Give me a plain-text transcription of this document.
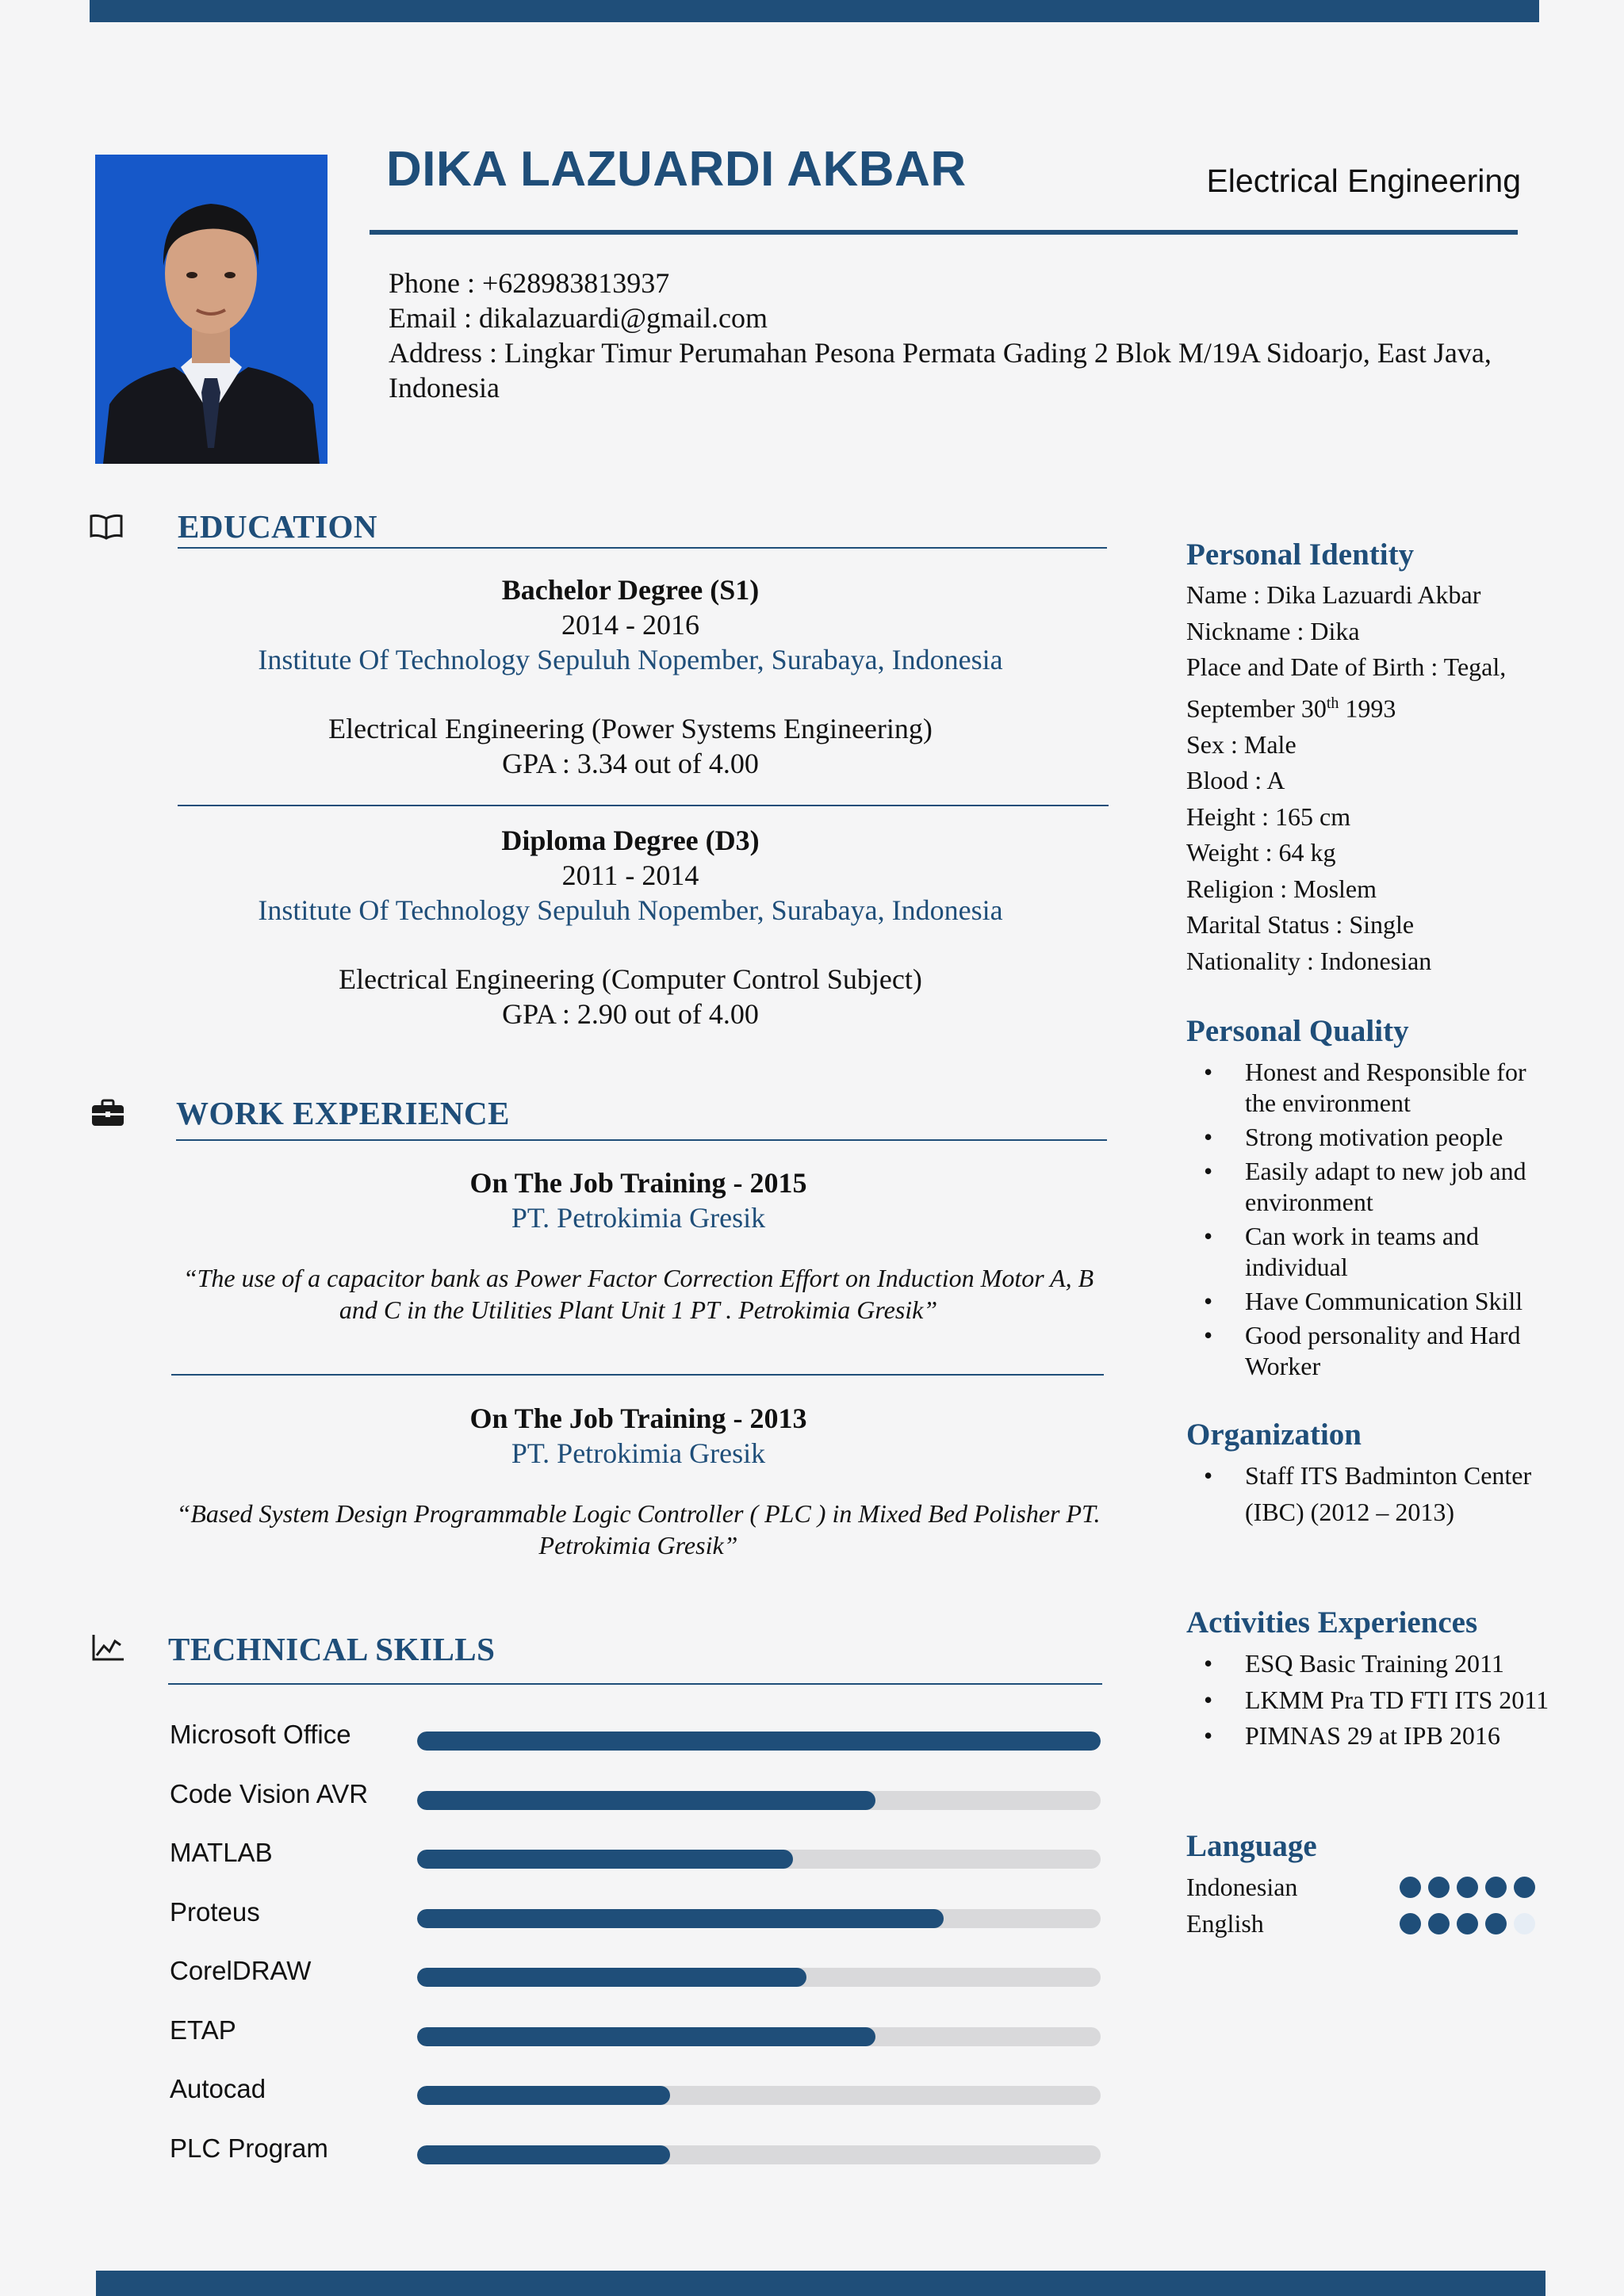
DIKA LAZUARDI AKBAR	Electrical Engineering
Phone : +628983813937
Email : dikalazuardi@gmail.com
Address : Lingkar Timur Perumahan Pesona Permata Gading 2 Blok M/19A Sidoarjo, East Java, Indonesia
EDUCATION
Bachelor Degree (S1)
2014 - 2016
Institute Of Technology Sepuluh Nopember, Surabaya, Indonesia
Electrical Engineering (Power Systems Engineering)
GPA : 3.34 out of 4.00
Diploma Degree (D3)
2011 - 2014
Institute Of Technology Sepuluh Nopember, Surabaya, Indonesia
Electrical Engineering (Computer Control Subject)
GPA : 2.90 out of 4.00
WORK EXPERIENCE
On The Job Training - 2015
PT. Petrokimia Gresik
“The use of a capacitor bank as Power Factor Correction Effort on Induction Motor A, B and C in the Utilities Plant Unit 1 PT . Petrokimia Gresik”
On The Job Training - 2013
PT. Petrokimia Gresik
“Based System Design Programmable Logic Controller ( PLC ) in Mixed Bed Polisher PT. Petrokimia Gresik”
TECHNICAL SKILLS
Microsoft Office
Code Vision AVR
MATLAB
Proteus
CorelDRAW
ETAP
Autocad
PLC Program
Personal Identity
Name : Dika Lazuardi Akbar
Nickname : Dika
Place and Date of Birth : Tegal, September 30th 1993
Sex : Male
Blood : A
Height : 165 cm
Weight : 64 kg
Religion : Moslem
Marital Status : Single
Nationality : Indonesian
Personal Quality
• Honest and Responsible for the environment
• Strong motivation people
• Easily adapt to new job and environment
• Can work in teams and individual
• Have Communication Skill
• Good personality and Hard Worker
Organization
• Staff ITS Badminton Center (IBC) (2012 – 2013)
Activities Experiences
• ESQ Basic Training 2011
• LKMM Pra TD FTI ITS 2011
• PIMNAS 29 at IPB 2016
Language
Indonesian
English
